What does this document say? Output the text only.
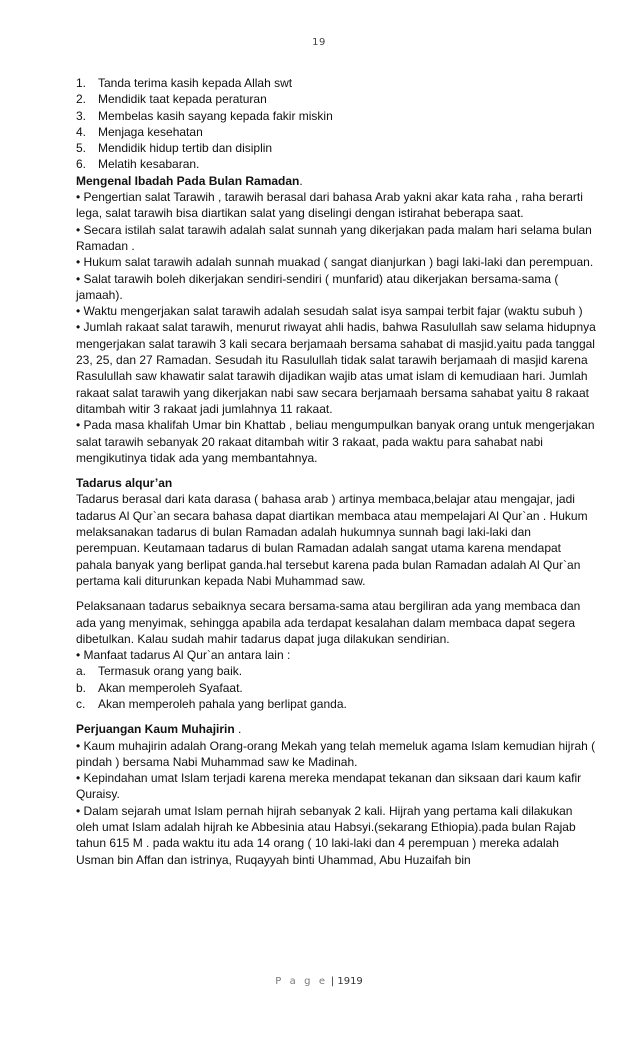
19
1. Tanda terima kasih kepada Allah swt
2. Mendidik taat kepada peraturan
3. Membelas kasih sayang kepada fakir miskin
4. Menjaga kesehatan
5. Mendidik hidup tertib dan disiplin
6. Melatih kesabaran.
Mengenal Ibadah Pada Bulan Ramadan.

• Pengertian salat Tarawih , tarawih berasal dari bahasa Arab yakni akar kata raha , raha berarti lega, salat tarawih bisa diartikan salat yang diselingi dengan istirahat beberapa saat.

• Secara istilah salat tarawih adalah salat sunnah yang dikerjakan pada malam hari selama bulan Ramadan .

• Hukum salat tarawih adalah sunnah muakad ( sangat dianjurkan ) bagi laki-laki dan perempuan.

• Salat tarawih boleh dikerjakan sendiri-sendiri ( munfarid) atau dikerjakan bersama-sama ( jamaah).

• Waktu mengerjakan salat tarawih adalah sesudah salat isya sampai terbit fajar (waktu subuh )

• Jumlah rakaat salat tarawih, menurut riwayat ahli hadis, bahwa Rasulullah saw selama hidupnya mengerjakan salat tarawih 3 kali secara berjamaah bersama sahabat di masjid.yaitu pada tanggal 23, 25, dan 27 Ramadan. Sesudah itu Rasulullah tidak salat tarawih berjamaah di masjid karena Rasulullah saw khawatir salat tarawih dijadikan wajib atas umat islam di kemudiaan hari. Jumlah rakaat salat tarawih yang dikerjakan nabi saw secara berjamaah bersama sahabat yaitu 8 rakaat ditambah witir 3 rakaat jadi jumlahnya 11 rakaat.

• Pada masa khalifah Umar bin Khattab , beliau mengumpulkan banyak orang untuk mengerjakan salat tarawih sebanyak 20 rakaat ditambah witir 3 rakaat, pada waktu para sahabat nabi mengikutinya tidak ada yang membantahnya.

Tadarus alqur’an

Tadarus berasal dari kata darasa ( bahasa arab ) artinya membaca,belajar atau mengajar, jadi tadarus Al Qur`an secara bahasa dapat diartikan membaca atau mempelajari Al Qur`an . Hukum melaksanakan tadarus di bulan Ramadan adalah hukumnya sunnah bagi laki-laki dan perempuan. Keutamaan tadarus di bulan Ramadan adalah sangat utama karena mendapat pahala banyak yang berlipat ganda.hal tersebut karena pada bulan Ramadan adalah Al Qur`an pertama kali diturunkan kepada Nabi Muhammad saw.

Pelaksanaan tadarus sebaiknya secara bersama-sama atau bergiliran ada yang membaca dan ada yang menyimak, sehingga apabila ada terdapat kesalahan dalam membaca dapat segera dibetulkan. Kalau sudah mahir tadarus dapat juga dilakukan sendirian.

• Manfaat tadarus Al Qur`an antara lain :

a. Termasuk orang yang baik.
b. Akan memperoleh Syafaat.
c. Akan memperoleh pahala yang berlipat ganda.
Perjuangan Kaum Muhajirin .

• Kaum muhajirin adalah Orang-orang Mekah yang telah memeluk agama Islam kemudian hijrah ( pindah ) bersama Nabi Muhammad saw ke Madinah.

• Kepindahan umat Islam terjadi karena mereka mendapat tekanan dan siksaan dari kaum kafir Quraisy.

• Dalam sejarah umat Islam pernah hijrah sebanyak 2 kali. Hijrah yang pertama kali dilakukan oleh umat Islam adalah hijrah ke Abbesinia atau Habsyi.(sekarang Ethiopia).pada bulan Rajab tahun 615 M . pada waktu itu ada 14 orang ( 10 laki-laki dan 4 perempuan ) mereka adalah Usman bin Affan dan istrinya, Ruqayyah binti Uhammad, Abu Huzaifah bin

P a g e | 1919
